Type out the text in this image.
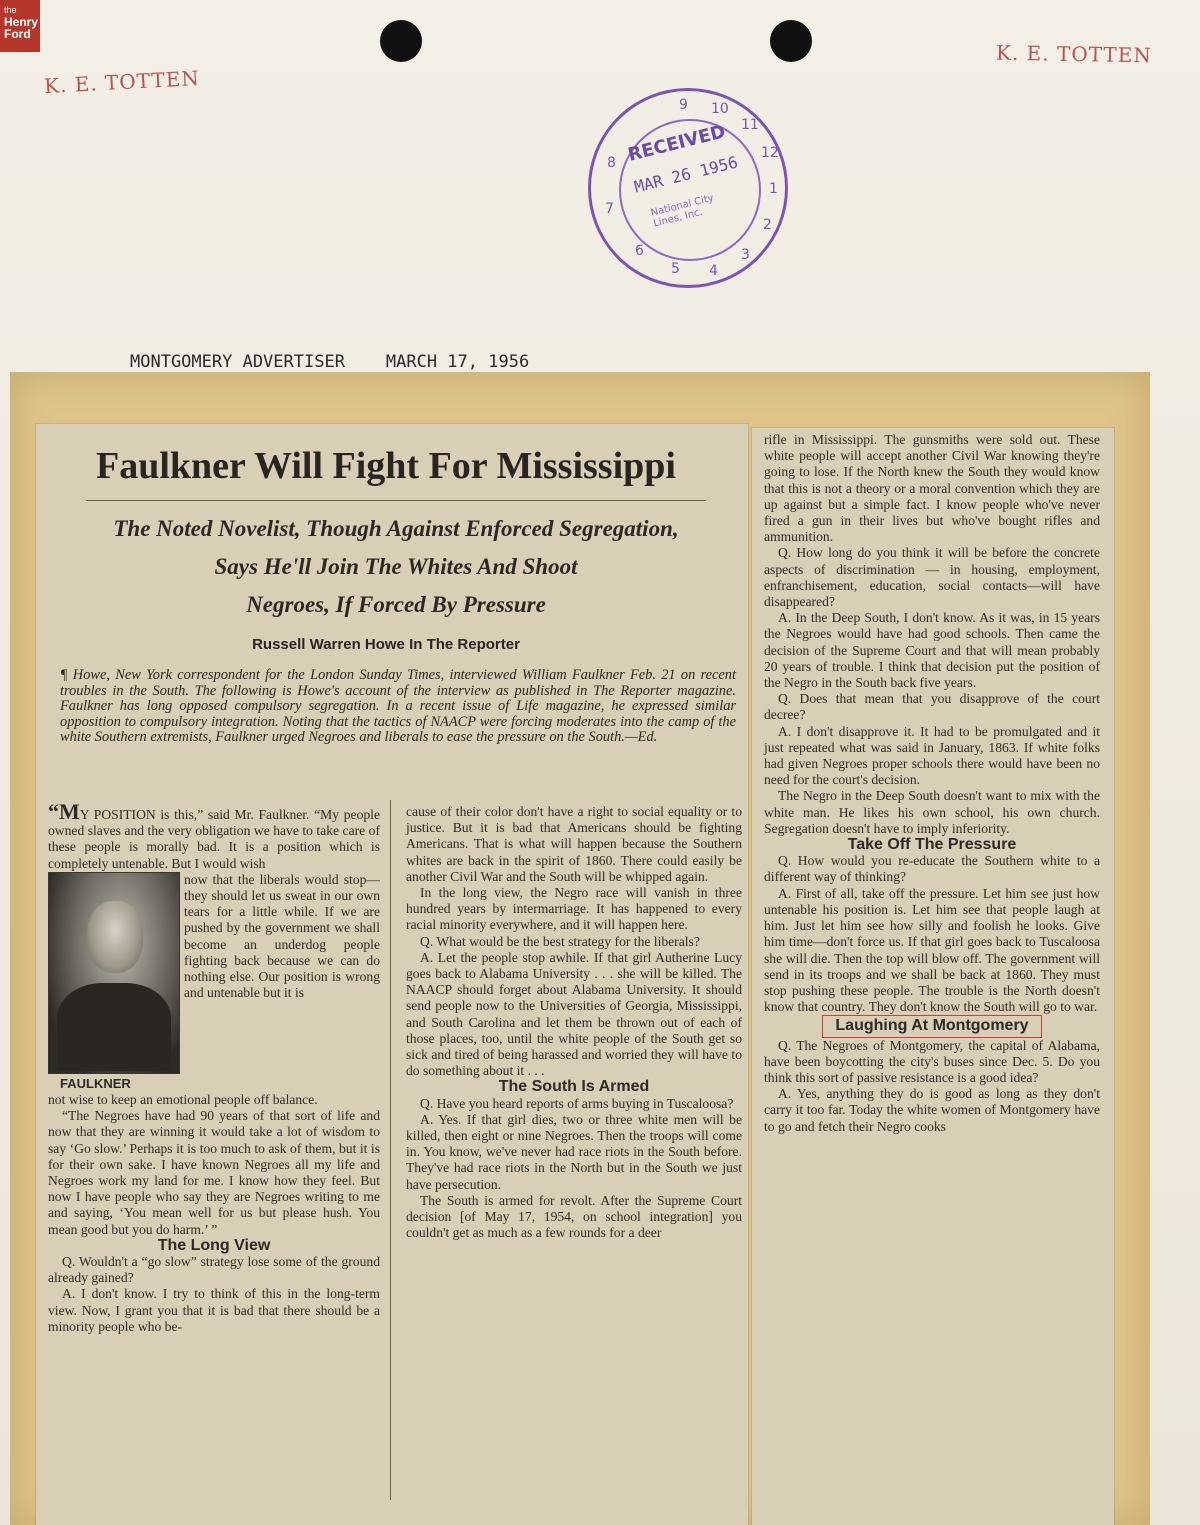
the
Henry
Ford
K. E. TOTTEN
K. E. TOTTEN
RECEIVED
MAR 26 1956
National City Lines, Inc.
9 10
11
12
1
2
3
4
5
6
7
8
MONTGOMERY ADVERTISER MARCH 17, 1956
Faulkner Will Fight For Mississippi
The Noted Novelist, Though Against Enforced Segregation,
Says He'll Join The Whites And Shoot
Negroes, If Forced By Pressure
Russell Warren Howe In The Reporter
¶ Howe, New York correspondent for the London Sunday Times, interviewed William Faulkner Feb. 21 on recent troubles in the South. The following is Howe's account of the interview as published in The Reporter magazine. Faulkner has long opposed compulsory segregation. In a recent issue of Life magazine, he expressed similar opposition to compulsory integration. Noting that the tactics of NAACP were forcing moderates into the camp of the white Southern extremists, Faulkner urged Negroes and liberals to ease the pressure on the South.—Ed.

“MY POSITION is this,” said Mr. Faulkner. “My people owned slaves and the very obligation we have to take care of these people is morally bad. It is a position which is completely untenable. But I would wish

now that the liberals would stop—they should let us sweat in our own tears for a little while. If we are pushed by the government we shall become an underdog people fighting back because we can do nothing else. Our position is wrong and untenable but it is

FAULKNER

not wise to keep an emotional people off balance.

“The Negroes have had 90 years of that sort of life and now that they are winning it would take a lot of wisdom to say ‘Go slow.’ Perhaps it is too much to ask of them, but it is for their own sake. I have known Negroes all my life and Negroes work my land for me. I know how they feel. But now I have people who say they are Negroes writing to me and saying, ‘You mean well for us but please hush. You mean good but you do harm.’ ”

The Long View

Q. Wouldn't a “go slow” strategy lose some of the ground already gained?

A. I don't know. I try to think of this in the long-term view. Now, I grant you that it is bad that there should be a minority people who be-

cause of their color don't have a right to social equality or to justice. But it is bad that Americans should be fighting Americans. That is what will happen because the Southern whites are back in the spirit of 1860. There could easily be another Civil War and the South will be whipped again.

In the long view, the Negro race will vanish in three hundred years by intermarriage. It has happened to every racial minority everywhere, and it will happen here.

Q. What would be the best strategy for the liberals?

A. Let the people stop awhile. If that girl Autherine Lucy goes back to Alabama University . . . she will be killed. The NAACP should forget about Alabama University. It should send people now to the Universities of Georgia, Mississippi, and South Carolina and let them be thrown out of each of those places, too, until the white people of the South get so sick and tired of being harassed and worried they will have to do something about it . . .

The South Is Armed

Q. Have you heard reports of arms buying in Tuscaloosa?

A. Yes. If that girl dies, two or three white men will be killed, then eight or nine Negroes. Then the troops will come in. You know, we've never had race riots in the South before. They've had race riots in the North but in the South we just have persecution.

The South is armed for revolt. After the Supreme Court decision [of May 17, 1954, on school integration] you couldn't get as much as a few rounds for a deer

rifle in Mississippi. The gunsmiths were sold out. These white people will accept another Civil War knowing they're going to lose. If the North knew the South they would know that this is not a theory or a moral convention which they are up against but a simple fact. I know people who've never fired a gun in their lives but who've bought rifles and ammunition.

Q. How long do you think it will be before the concrete aspects of discrimination — in housing, employment, enfranchisement, education, social contacts—will have disappeared?

A. In the Deep South, I don't know. As it was, in 15 years the Negroes would have had good schools. Then came the decision of the Supreme Court and that will mean probably 20 years of trouble. I think that decision put the position of the Negro in the South back five years.

Q. Does that mean that you disapprove of the court decree?

A. I don't disapprove it. It had to be promulgated and it just repeated what was said in January, 1863. If white folks had given Negroes proper schools there would have been no need for the court's decision.

The Negro in the Deep South doesn't want to mix with the white man. He likes his own school, his own church. Segregation doesn't have to imply inferiority.

Take Off The Pressure

Q. How would you re-educate the Southern white to a different way of thinking?

A. First of all, take off the pressure. Let him see just how untenable his position is. Let him see that people laugh at him. Just let him see how silly and foolish he looks. Give him time—don't force us. If that girl goes back to Tuscaloosa she will die. Then the top will blow off. The government will send in its troops and we shall be back at 1860. They must stop pushing these people. The trouble is the North doesn't know that country. They don't know the South will go to war.

Laughing At Montgomery

Q. The Negroes of Montgomery, the capital of Alabama, have been boycotting the city's buses since Dec. 5. Do you think this sort of passive resistance is a good idea?

A. Yes, anything they do is good as long as they don't carry it too far. Today the white women of Montgomery have to go and fetch their Negro cooks
